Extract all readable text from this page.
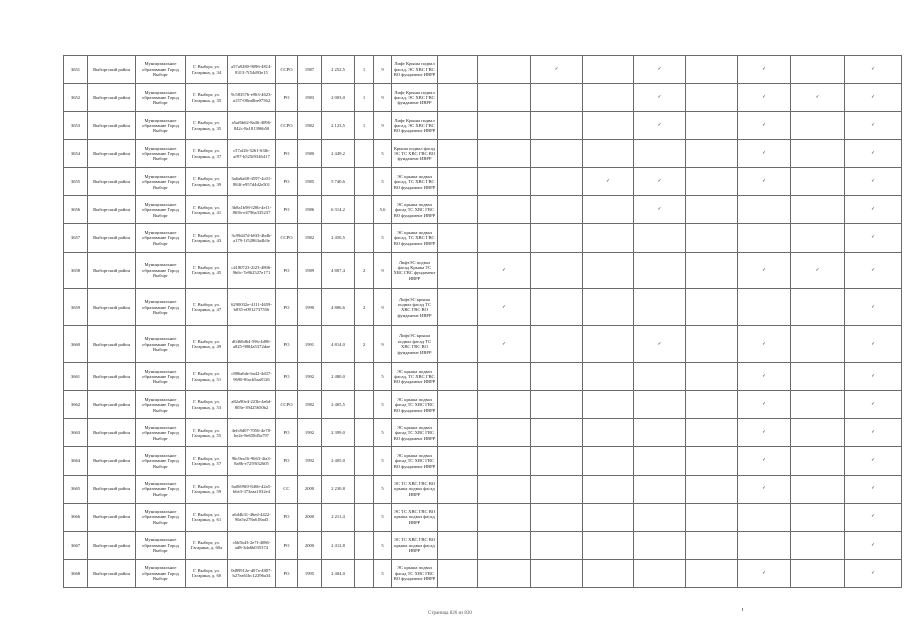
3651	Выборгский район	Муниципальное образование Город Выборг	Г. Выборг, ул. Гагарина, д. 34	a57a9280-9096-4814-8313-7f54d93e15	ССРО	1987	2 252,5	1	9	Лифт Крыша подвал фасад, ЭС ХВС ГВС ВО фундамент ИВРР			✓		✓		✓		✓
3652	Выборгский район	Муниципальное образование Город Выборг	Г. Выборг, ул. Гагарина, д. 35	9c583576-e963-4623-a157-08ea8be07562	РО	1983	2 003,0	1	9	Лифт Крыша подвал фасад, ЭС ХВС ГВС фундамент ИВРР					✓		✓	✓	✓
3653	Выборгский район	Муниципальное образование Город Выборг	Г. Выборг, ул. Гагарина, д. 35	a5af6b62-8a46-4096-842c-8a181396b50	ССРО	1982	2 123,5	1	9	Лифт Крыша подвал фасад, ЭС ХВС ГВС ВО фундамент ИВРР					✓		✓		✓
3654	Выборгский район	Муниципальное образование Город Выборг	Г. Выборг, ул. Гагарина, д. 37	c57af26-3261-63fb-af97-b525f0346417	РО	1980	2 449,2		5	Крыша подвал фасад ЭС ТС ХВС ГВС ВО фундамент ИВРР							✓		✓
3655	Выборгский район	Муниципальное образование Город Выборг	Г. Выборг, ул. Гагарина, д. 39	3a6a6a68-4597-4c01-884f-e957d4d2e501	РО	1985	5 740,6		5	ЭС крыша подвал фасад, ТС ХВС ГВС ВО фундамент ИВРР				✓	✓		✓		✓
3656	Выборгский район	Муниципальное образование Город Выборг	Г. Выборг, ул. Гагарина, д. 41	3b8a1b98-f28b-4e11-865b-e4796a335237	РО	1986	6 314,2		5,6	ЭС крыша подвал фасад ТС ХВС ГВС ВО фундамент ИВРР					✓				✓
3657	Выборгский район	Муниципальное образование Город Выборг	Г. Выборг, ул. Гагарина, д. 43	3c99d47d-b8f3-4bdb-a179-1f52863a4b3e	ССРО	1982	2 450,5		5	ЭС крыша подвал фасад, ТС ХВС ГВС ВО фундамент ИВРР									✓
3658	Выборгский район	Муниципальное образование Город Выборг	Г. Выборг, ул. Гагарина, д. 45	c4180723-2f23-4806-9b6c-7e862527e171	РО	1989	4 807,4	2	9	ЛифтЭС подвал фасад Крыша ТС ХВС ГВС фундамент ИВРР		✓					✓	✓	✓
3659	Выборгский район	Муниципальное образование Город Выборг	Г. Выборг, ул. Гагарина, д. 47	6290032e-4111-4659-b835-e0912737556	РО	1990	4 806,6	2	9	ЛифтЭС крыша подвал фасад ТС ХВС ГВС ВО фундамент ИВРР		✓							✓
3660	Выборгский район	Муниципальное образование Город Выборг	Г. Выборг, ул. Гагарина, д. 49	d0460d64-59b-4d96-a825-9804a5372dae	РО	1991	4 814,0	2	9	ЛифтЭС крыша подвал фасад ТС ХВС ГВС ВО фундамент ИВРР		✓			✓		✓		✓
3661	Выборгский район	Муниципальное образование Город Выборг	Г. Выборг, ул. Гагарина, д. 51	c886a6de-ba42-4d37-9690-8facb5aa8126	РО	1992	2 480,0		5	ЭС крыша подвал фасад, ТС ХВС ГВС ВО фундамент ИВРР							✓		✓
3662	Выборгский район	Муниципальное образование Город Выборг	Г. Выборг, ул. Гагарина, д. 53	a82a90e4-223b-4a6d-803e-39425650b2	ССРО	1982	2 405,5		5	ЭС крыша подвал фасад ТС ХВС ГВС ВО фундамент ИВРР							✓		✓
3663	Выборгский район	Муниципальное образование Город Выборг	Г. Выборг, ул. Гагарина, д. 55	4efc8d07-7056-4e78-be2e-8e658d5a797	РО	1992	2 399,0		5	ЭС крыша подвал фасад ТС ХВС ГВС ВО фундамент ИВРР							✓		✓
3664	Выборгский район	Муниципальное образование Город Выборг	Г. Выборг, ул. Гагарина, д. 57	96c9ea16-9663-4fa3-8a8b-e7259f32605	РО	1992	2 405,0		5	ЭС крыша подвал фасад ТС ХВС ГВС ВО фундамент ИВРР							✓		✓
3665	Выборгский район	Муниципальное образование Город Выборг	Г. Выборг, ул. Гагарина, д. 59	6a0699f0-8466-42a5-b6e3-373eaa1032e4	СС	2000	2 230,8		5	ЭС ТС ХВС ГВС ВО крыша подвал фасад ИВРР							✓		✓
3666	Выборгский район	Муниципальное образование Город Выборг	Г. Выборг, ул. Гагарина, д. 61	a6d4b31-46ed-4422-90a5e278a618ad3	РО	2000	2 211,4		5	ЭС ТС ХВС ГВС ВО крыша подвал фасад ИВРР									✓
3667	Выборгский район	Муниципальное образование Город Выборг	Г. Выборг, ул. Гагарина, д. 60а	c6b5b43-2e7f-4086-ad8-3da6b035374	РО	2000	2 412,8		5	ЭС ТС ХВС ГВС ВО крыша подвал фасад ИВРР									✓
3668	Выборгский район	Муниципальное образование Город Выборг	Г. Выборг, ул. Гагарина, д. 60	0d89912e-d07a-4807-b27ea61bc12296a34	РО	1995	2 404,0		5	ЭС крыша подвал фасад ТС ХВС ГВС ВО фундамент ИВРР							✓		✓
Страница 826 из 830
